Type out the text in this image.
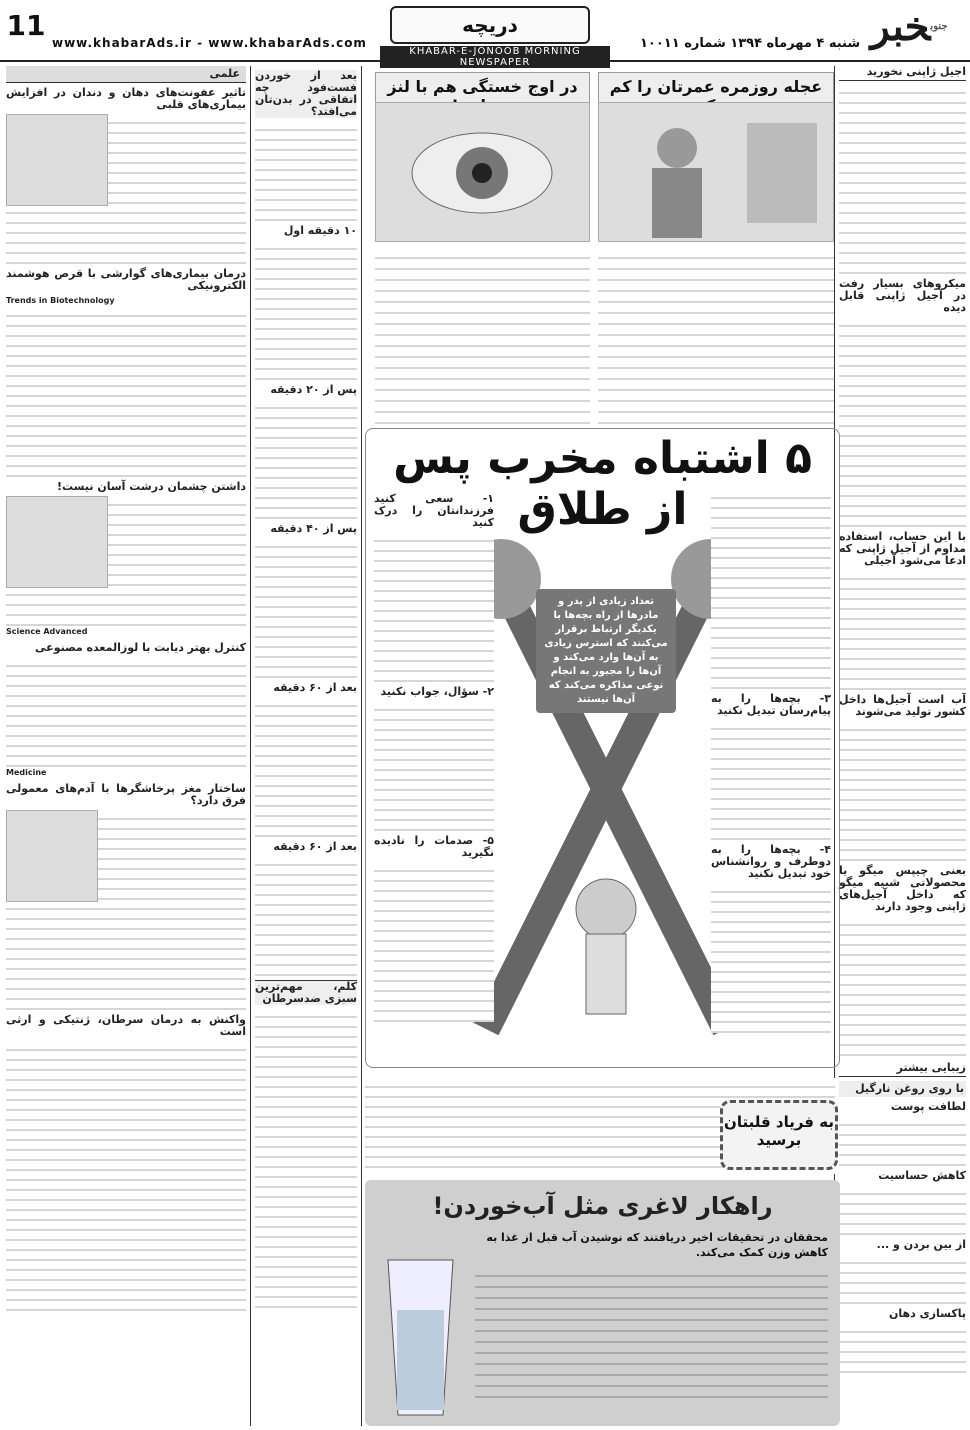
11
www.khabarAds.ir - www.khabarAds.com
دریچه
KHABAR-E-JONOOB MORNING NEWSPAPER
شنبه ۴ مهرماه ۱۳۹۴ شماره ۱۰۰۱۱
$^{جنوب}$خبر
آجیل ژاپنی نخورید
میکروهای بسیار رفت در آجیل ژاپنی قابل دیده
با این حساب، استفاده مداوم از آجیل ژاپنی که ادعا می‌شود آجیلی
آب است آجیل‌ها داخل کشور تولید می‌شوند
بعنی چیپس میگو یا محصولاتی شبیه میگو که داخل آجیل‌های ژاپنی وجود دارند
زیبایی بیشتر
با روی روغن نارگیل
لطافت پوست
کاهش حساسیت
از بین بردن و ...
پاکسازی دهان
عجله روزمره عمرتان را کم
در اوج خستگی هم با لنز
۵ اشتباه مخرب پس از طلاق
تعداد زیادی از پدر و مادرها از راه بچه‌ها با یکدیگر ارتباط برقرار می‌کنند که استرس زیادی به آن‌ها وارد می‌کند و آن‌ها را مجبور به انجام نوعی مذاکره می‌کند که آن‌ها نیستند	۳- بچه‌ها را به پیام‌رسان تبدیل نکنید
۴- بچه‌ها را به دوطرف و روانشناس خود تبدیل نکنید
۱- سعی کنید فرزندانتان را درک کنید
۲- سؤال، جواب نکنید
۵- صدمات را نادیده نگیرید
به فریاد قلبتان برسید
راهکار لاغری مثل آب‌خوردن!
محققان در تحقیقات اخیر دریافتند که نوشیدن آب قبل از غذا به کاهش وزن کمک می‌کند.
بعد از خوردن فست‌فود چه اتفاقی در بدن‌تان می‌افتد؟
۱۰ دقیقه اول
پس از ۲۰ دقیقه
پس از ۴۰ دقیقه
بعد از ۶۰ دقیقه
بعد از ۶۰ دقیقه
کلم، مهم‌ترین سبزی ضدسرطان
علمی
تاثیر عفونت‌های دهان و دندان در افزایش بیماری‌های قلبی
درمان بیماری‌های گوارشی با قرص هوشمند الکترونیکی
Trends in Biotechnology
داشتن چشمان درشت آسان نیست!
Science Advanced
کنترل بهتر دیابت با لوزالمعده مصنوعی
Medicine
ساختار مغز پرخاشگرها با آدم‌های معمولی فرق دارد؟
واکنش به درمان سرطان، ژنتیکی و ارثی است
